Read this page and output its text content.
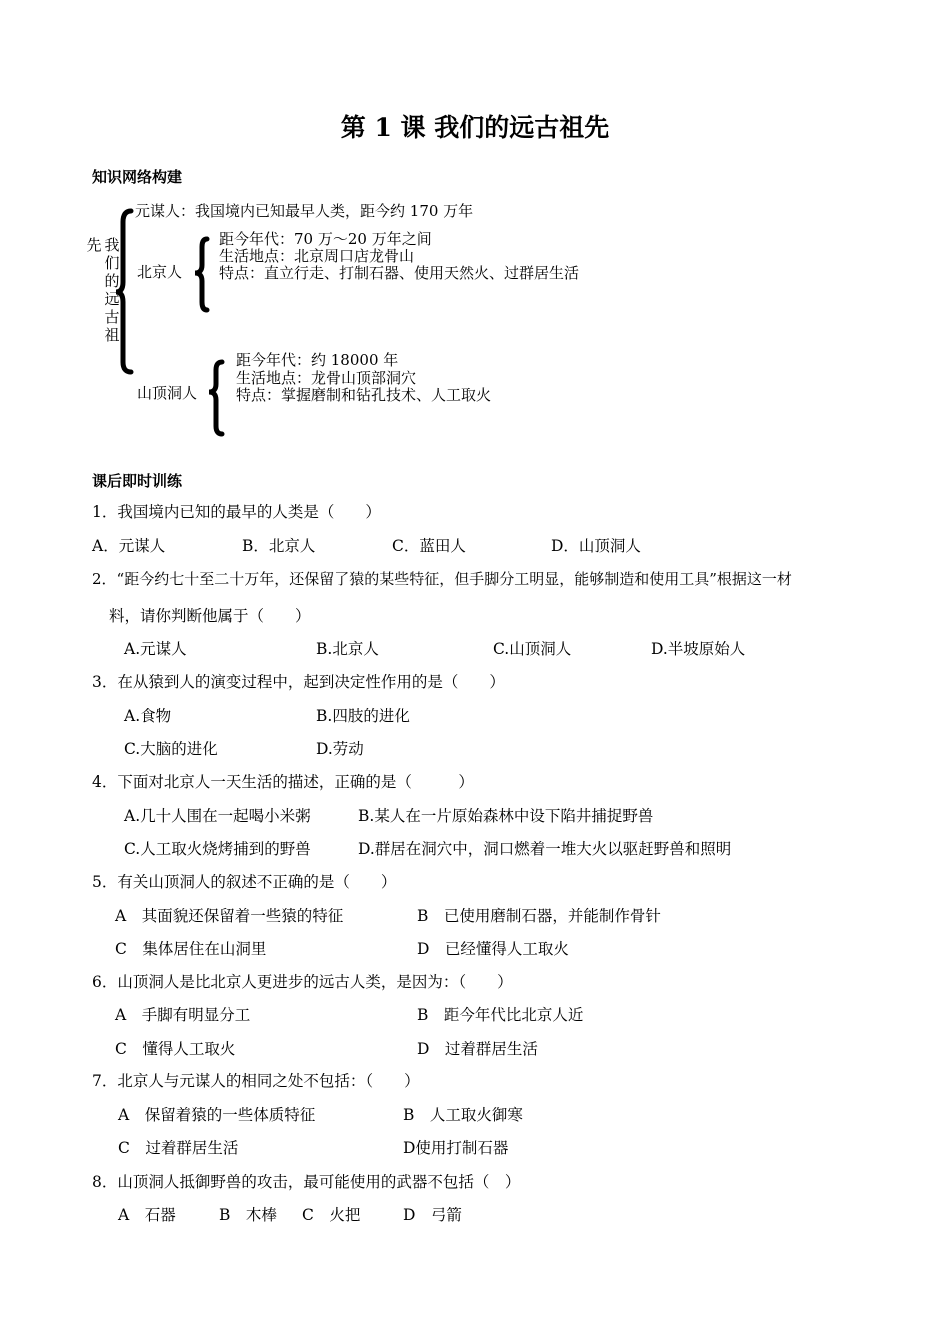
第 1 课 我们的远古祖先
知识网络构建
先 我们的远古祖
元谋人：我国境内已知最早人类，距今约 170 万年
北京人
距今年代：70 万～20 万年之间
生活地点：北京周口店龙骨山
特点：直立行走、打制石器、使用天然火、过群居生活
山顶洞人
距今年代：约 18000 年
生活地点：龙骨山顶部洞穴
特点：掌握磨制和钻孔技术、人工取火
课后即时训练
1．我国境内已知的最早的人类是（　　）
A．元谋人	B．北京人	C．蓝田人	D．山顶洞人
2．“距今约七十至二十万年，还保留了猿的某些特征，但手脚分工明显，能够制造和使用工具”根据这一材
料，请你判断他属于（　　）
A.元谋人	B.北京人	C.山顶洞人	D.半坡原始人
3．在从猿到人的演变过程中，起到决定性作用的是（　　）
A.食物	B.四肢的进化
C.大脑的进化	D.劳动
4．下面对北京人一天生活的描述，正确的是（　　　）
A.几十人围在一起喝小米粥	B.某人在一片原始森林中设下陷井捕捉野兽
C.人工取火烧烤捕到的野兽	D.群居在洞穴中，洞口燃着一堆大火以驱赶野兽和照明
5．有关山顶洞人的叙述不正确的是（　　）
A　其面貌还保留着一些猿的特征	B　已使用磨制石器，并能制作骨针
C　集体居住在山洞里	D　已经懂得人工取火
6．山顶洞人是比北京人更进步的远古人类，是因为：（　　）
A　手脚有明显分工	B　距今年代比北京人近
C　懂得人工取火	D　过着群居生活
7．北京人与元谋人的相同之处不包括：（　　）
A　保留着猿的一些体质特征	B　人工取火御寒
C　过着群居生活	D使用打制石器
8．山顶洞人抵御野兽的攻击，最可能使用的武器不包括（　）
A　石器	B　木棒 C　火把	D　弓箭
